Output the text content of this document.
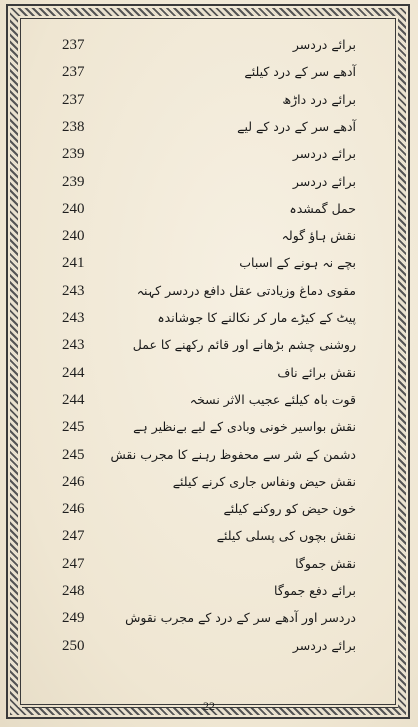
237	برائے دردسر
237	آدھے سر کے درد کیلئے
237	برائے درد داڑھ
238	آدھے سر کے درد کے لیے
239	برائے دردسر
239	برائے دردسر
240	حمل گمشدہ
240	نقش ہاؤ گولہ
241	بچے نہ ہونے کے اسباب
243	مقوی دماغ وزیادتی عقل دافع دردسر کہنہ
243	پیٹ کے کیڑے مار کر نکالنے کا جوشاندہ
243	روشنی چشم بڑھانے اور قائم رکھنے کا عمل
244	نقش برائے ناف
244	قوت باہ کیلئے عجیب الاثر نسخہ
245	نقش بواسیر خونی وبادی کے لیے بےنظیر ہے
245 دشمن کے شر سے محفوظ رہنے کا مجرب نقش
246	نقش حیض ونفاس جاری کرنے کیلئے
246	خون حیض کو روکنے کیلئے
247	نقش بچوں کی پسلی کیلئے
247	نقش جموگا
248	برائے دفع جموگا
249	دردسر اور آدھے سر کے درد کے مجرب نقوش
250	برائے دردسر
22
